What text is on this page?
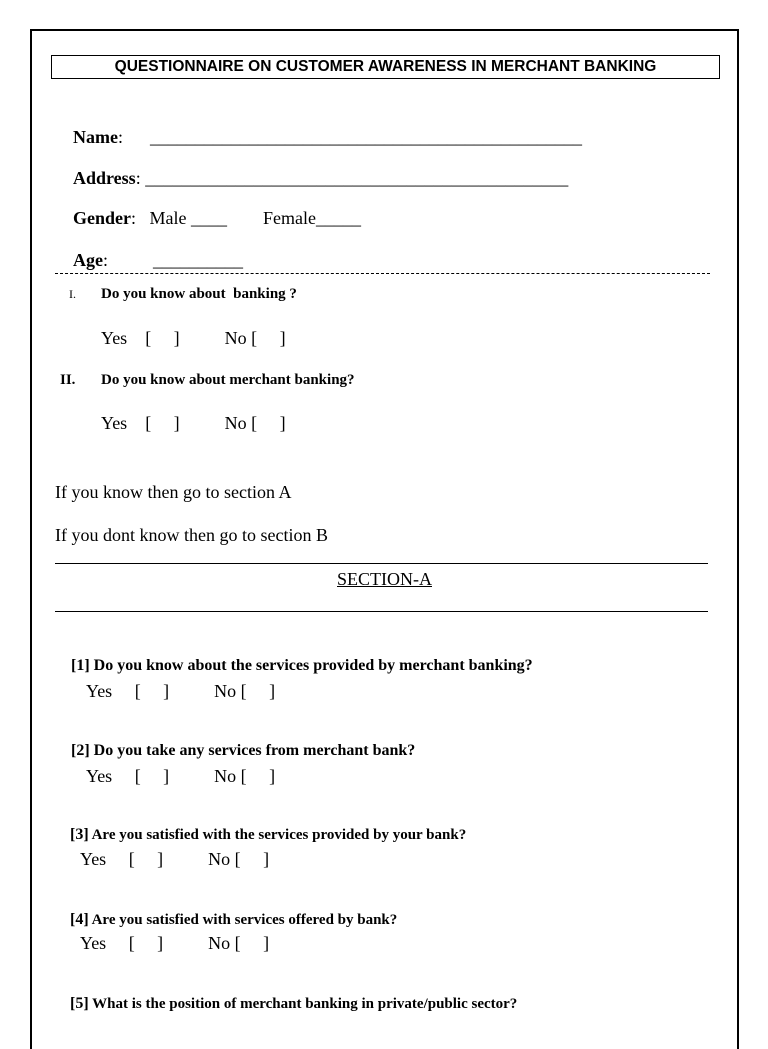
QUESTIONNAIRE ON CUSTOMER AWARENESS IN MERCHANT BANKING

Name:      ________________________________________________

Address: _______________________________________________

Gender:   Male ____        Female_____

Age:          __________

I. Do you know about  banking ?
Yes    [     ]          No [     ]
II. Do you know about merchant banking?
Yes    [     ]          No [     ]
If you know then go to section A
If you dont know then go to section B
SECTION-A

[1] Do you know about the services provided by merchant banking?

Yes     [     ]          No [     ]

[2] Do you take any services from merchant bank?

Yes     [     ]          No [     ]

[3] Are you satisfied with the services provided by your bank?

Yes     [     ]          No [     ]

[4] Are you satisfied with services offered by bank?

Yes     [     ]          No [     ]

[5] What is the position of merchant banking in private/public sector?
